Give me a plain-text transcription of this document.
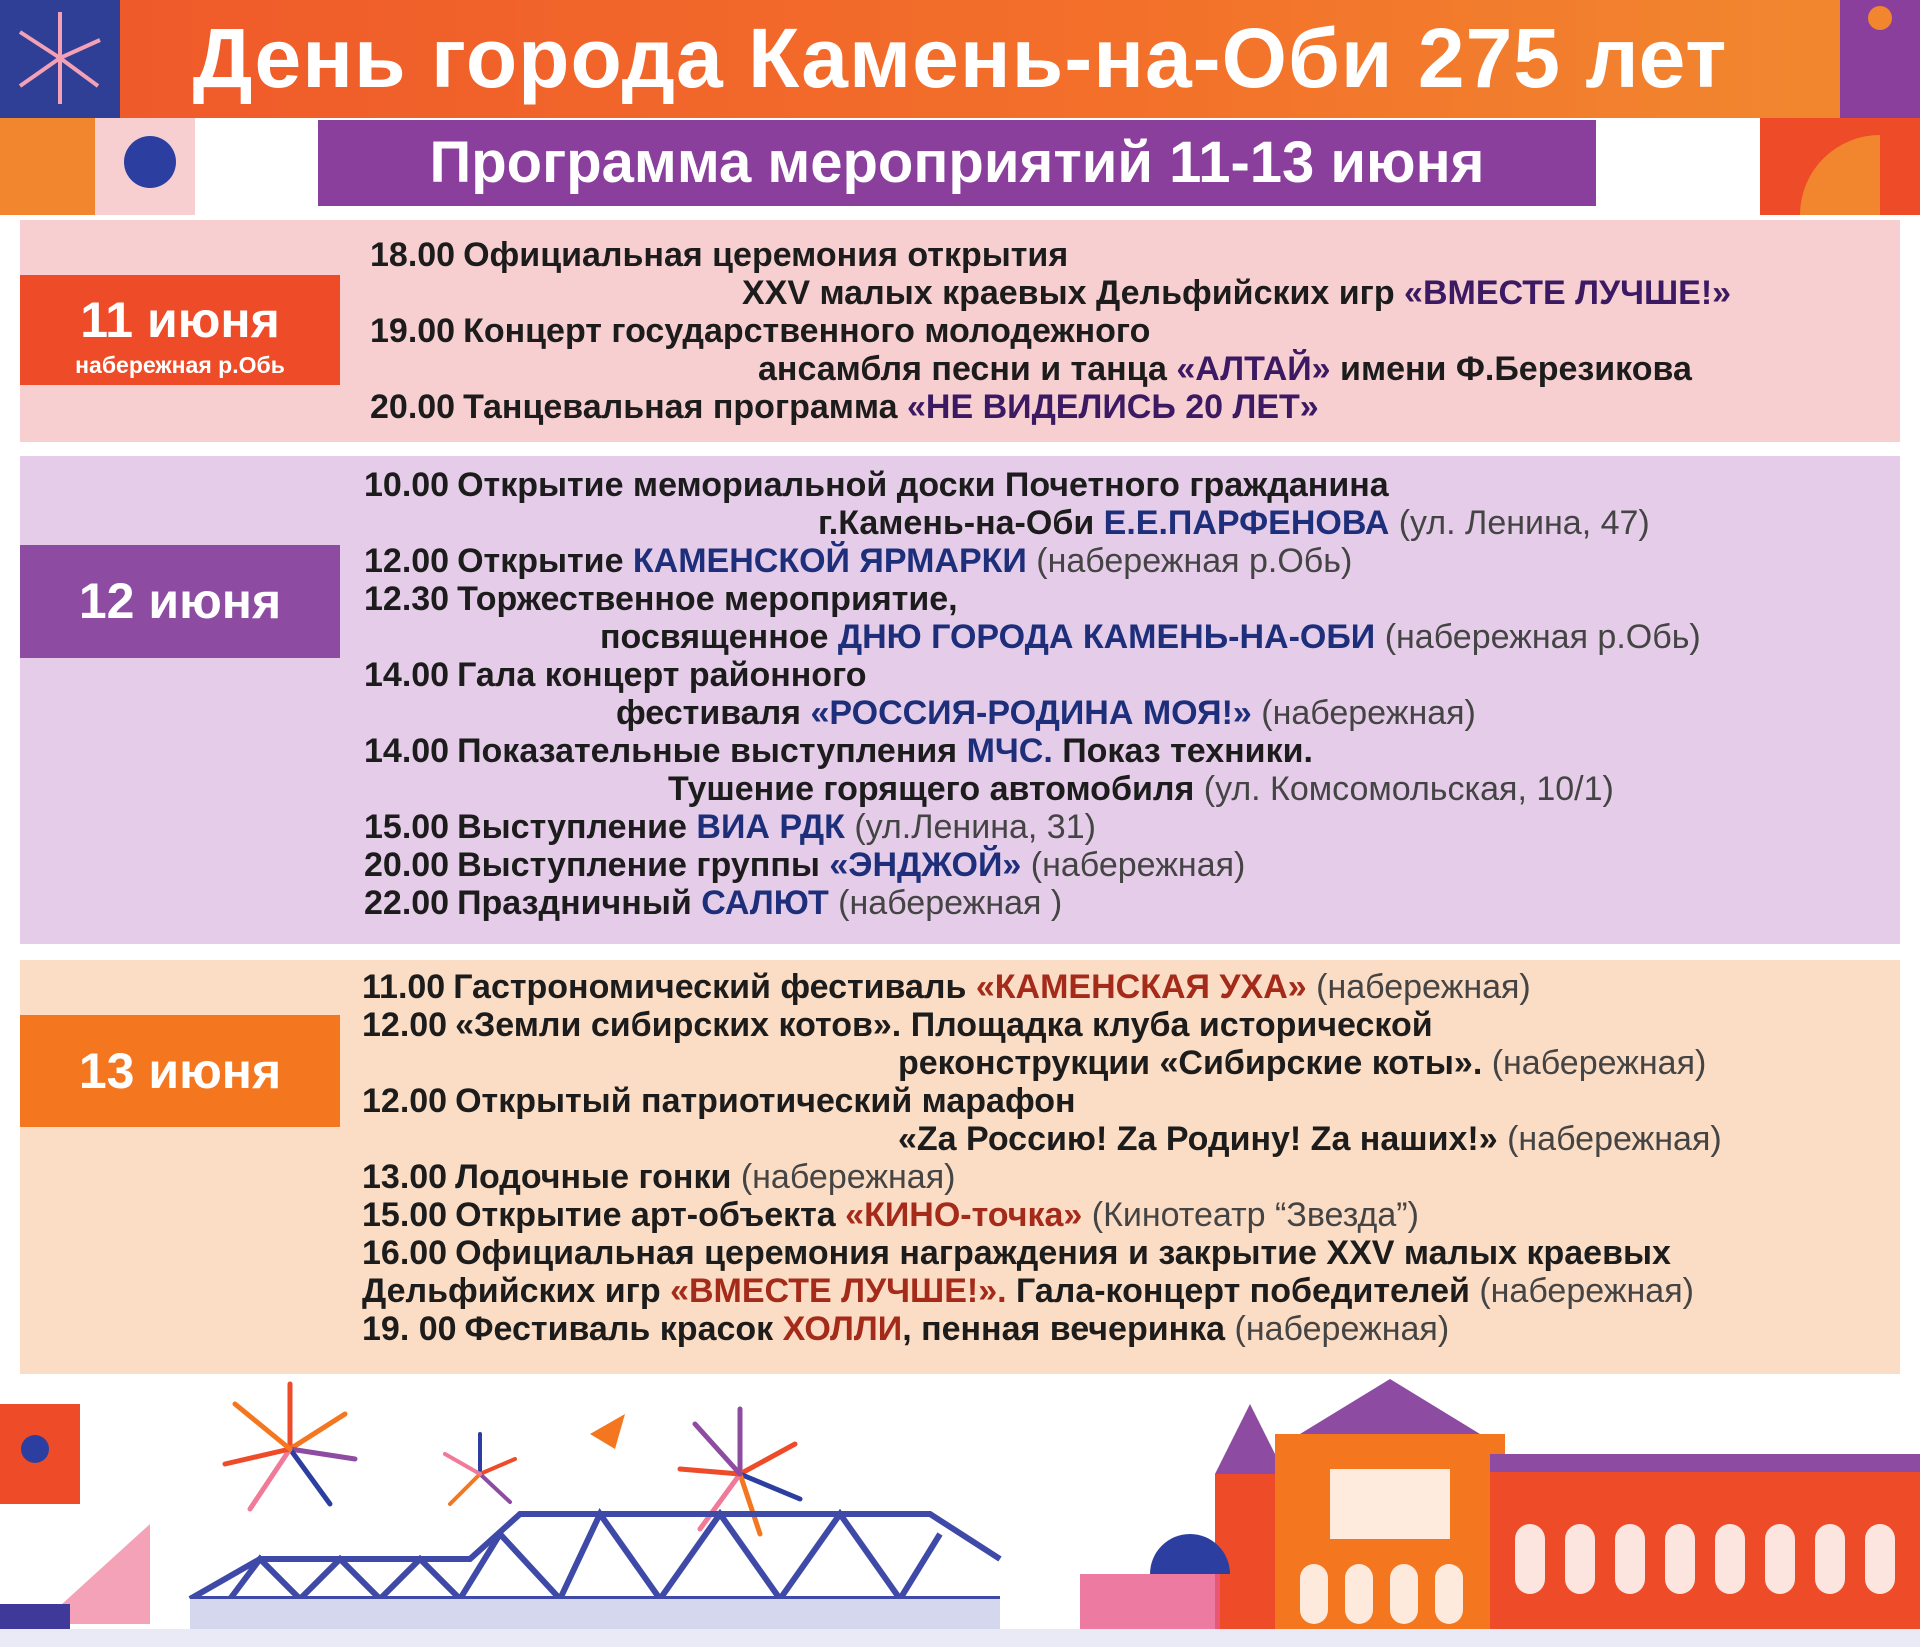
День города Камень-на-Оби 275 лет
Программа мероприятий 11-13 июня
11 июня
набережная р.Обь
12 июня
13 июня
18.00 Официальная церемония открытия
XXV малых краевых Дельфийских игр «ВМЕСТЕ ЛУЧШЕ!»
19.00 Концерт государственного молодежного
ансамбля песни и танца «АЛТАЙ» имени Ф.Березикова
20.00 Танцевальная программа «НЕ ВИДЕЛИСЬ 20 ЛЕТ»
10.00 Открытие мемориальной доски Почетного гражданина
г.Камень-на-Оби Е.Е.ПАРФЕНОВА (ул. Ленина, 47)
12.00 Открытие КАМЕНСКОЙ ЯРМАРКИ (набережная р.Обь)
12.30 Торжественное мероприятие,
посвященное ДНЮ ГОРОДА КАМЕНЬ-НА-ОБИ (набережная р.Обь)
14.00 Гала концерт районного
фестиваля «РОССИЯ-РОДИНА МОЯ!» (набережная)
14.00 Показательные выступления МЧС. Показ техники.
Тушение горящего автомобиля (ул. Комсомольская, 10/1)
15.00 Выступление ВИА РДК (ул.Ленина, 31)
20.00 Выступление группы «ЭНДЖОЙ» (набережная)
22.00 Праздничный САЛЮТ (набережная )
11.00 Гастрономический фестиваль «КАМЕНСКАЯ УХА» (набережная)
12.00 «Земли сибирских котов». Площадка клуба исторической
реконструкции «Сибирские коты». (набережная)
12.00 Открытый патриотический марафон
«Za Россию! Za Родину! Za наших!» (набережная)
13.00 Лодочные гонки (набережная)
15.00 Открытие арт-объекта «КИНО-точка» (Кинотеатр “Звезда”)
16.00 Официальная церемония награждения и закрытие XXV малых краевых
Дельфийских игр «ВМЕСТЕ ЛУЧШЕ!». Гала-концерт победителей (набережная)
19. 00 Фестиваль красок ХОЛЛИ, пенная вечеринка (набережная)
